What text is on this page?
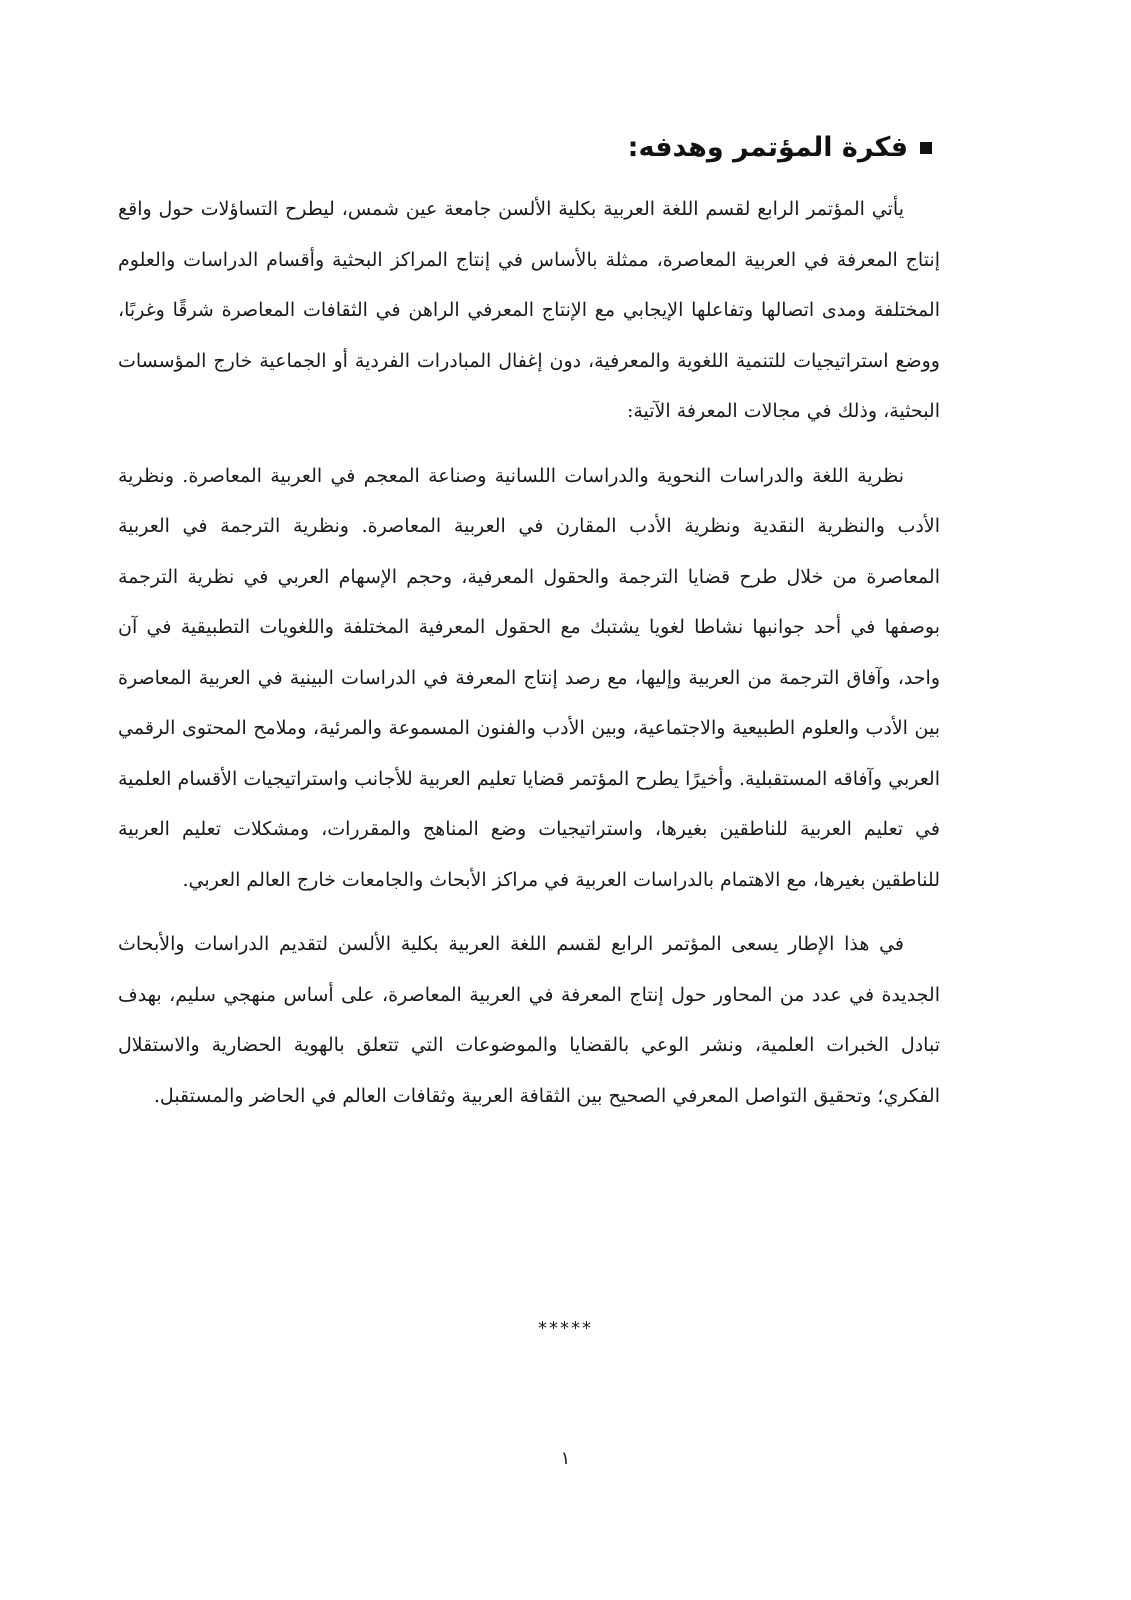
فكرة المؤتمر وهدفه:

يأتي المؤتمر الرابع لقسم اللغة العربية بكلية الألسن جامعة عين شمس، ليطرح التساؤلات حول واقع إنتاج المعرفة في العربية المعاصرة، ممثلة بالأساس في إنتاج المراكز البحثية وأقسام الدراسات والعلوم المختلفة ومدى اتصالها وتفاعلها الإيجابي مع الإنتاج المعرفي الراهن في الثقافات المعاصرة شرقًا وغربًا، ووضع استراتيجيات للتنمية اللغوية والمعرفية، دون إغفال المبادرات الفردية أو الجماعية خارج المؤسسات البحثية، وذلك في مجالات المعرفة الآتية:

نظرية اللغة والدراسات النحوية والدراسات اللسانية وصناعة المعجم في العربية المعاصرة. ونظرية الأدب والنظرية النقدية ونظرية الأدب المقارن في العربية المعاصرة. ونظرية الترجمة في العربية المعاصرة من خلال طرح قضايا الترجمة والحقول المعرفية، وحجم الإسهام العربي في نظرية الترجمة بوصفها في أحد جوانبها نشاطا لغويا يشتبك مع الحقول المعرفية المختلفة واللغويات التطبيقية في آن واحد، وآفاق الترجمة من العربية وإليها، مع رصد إنتاج المعرفة في الدراسات البينية في العربية المعاصرة بين الأدب والعلوم الطبيعية والاجتماعية، وبين الأدب والفنون المسموعة والمرئية، وملامح المحتوى الرقمي العربي وآفاقه المستقبلية. وأخيرًا يطرح المؤتمر قضايا تعليم العربية للأجانب واستراتيجيات الأقسام العلمية في تعليم العربية للناطقين بغيرها، واستراتيجيات وضع المناهج والمقررات، ومشكلات تعليم العربية للناطقين بغيرها، مع الاهتمام بالدراسات العربية في مراكز الأبحاث والجامعات خارج العالم العربي.

في هذا الإطار يسعى المؤتمر الرابع لقسم اللغة العربية بكلية الألسن لتقديم الدراسات والأبحاث الجديدة في عدد من المحاور حول إنتاج المعرفة في العربية المعاصرة، على أساس منهجي سليم، بهدف تبادل الخبرات العلمية، ونشر الوعي بالقضايا والموضوعات التي تتعلق بالهوية الحضارية والاستقلال الفكري؛ وتحقيق التواصل المعرفي الصحيح بين الثقافة العربية وثقافات العالم في الحاضر والمستقبل.

*****
١
